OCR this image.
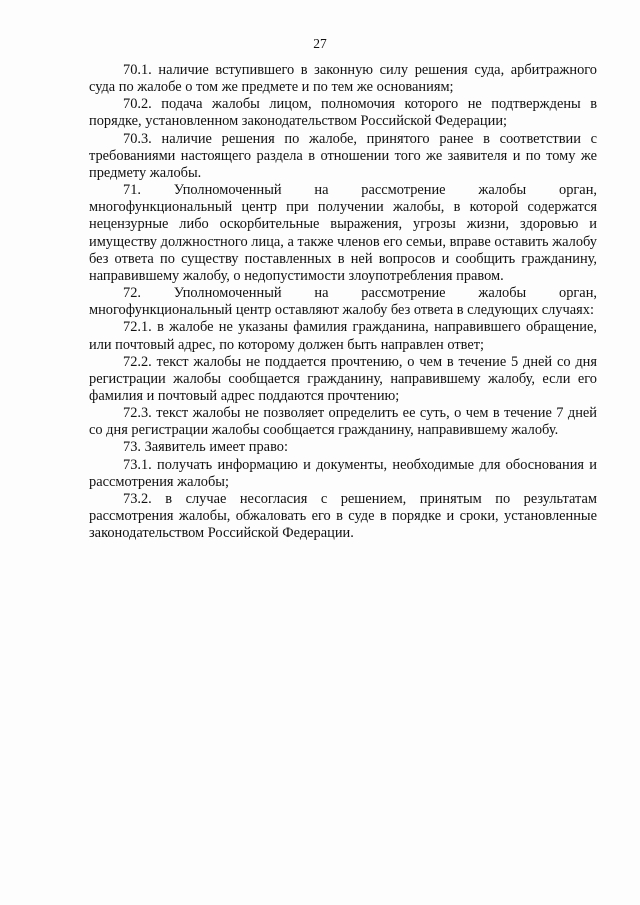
27

70.1. наличие вступившего в законную силу решения суда, арбитражного суда по жалобе о том же предмете и по тем же основаниям;

70.2. подача жалобы лицом, полномочия которого не подтверждены в порядке, установленном законодательством Российской Федерации;

70.3. наличие решения по жалобе, принятого ранее в соответствии с требованиями настоящего раздела в отношении того же заявителя и по тому же предмету жалобы.

71. Уполномоченный на рассмотрение жалобы орган, многофункциональный центр при получении жалобы, в которой содержатся нецензурные либо оскорбительные выражения, угрозы жизни, здоровью и имуществу должностного лица, а также членов его семьи, вправе оставить жалобу без ответа по существу поставленных в ней вопросов и сообщить гражданину, направившему жалобу, о недопустимости злоупотребления правом.

72. Уполномоченный на рассмотрение жалобы орган, многофункциональный центр оставляют жалобу без ответа в следующих случаях:

72.1. в жалобе не указаны фамилия гражданина, направившего обращение, или почтовый адрес, по которому должен быть направлен ответ;

72.2. текст жалобы не поддается прочтению, о чем в течение 5 дней со дня регистрации жалобы сообщается гражданину, направившему жалобу, если его фамилия и почтовый адрес поддаются прочтению;

72.3. текст жалобы не позволяет определить ее суть, о чем в течение 7 дней со дня регистрации жалобы сообщается гражданину, направившему жалобу.

73. Заявитель имеет право:

73.1. получать информацию и документы, необходимые для обоснования и рассмотрения жалобы;

73.2. в случае несогласия с решением, принятым по результатам рассмотрения жалобы, обжаловать его в суде в порядке и сроки, установленные законодательством Российской Федерации.
